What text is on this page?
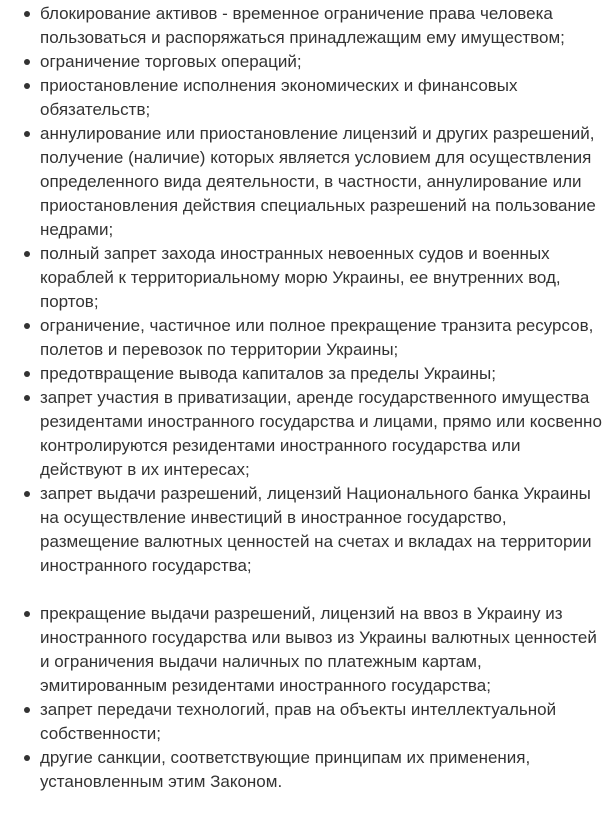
блокирование активов - временное ограничение права человека пользоваться и распоряжаться принадлежащим ему имуществом;
ограничение торговых операций;
приостановление исполнения экономических и финансовых обязательств;
аннулирование или приостановление лицензий и других разрешений, получение (наличие) которых является условием для осуществления определенного вида деятельности, в частности, аннулирование или приостановления действия специальных разрешений на пользование недрами;
полный запрет захода иностранных невоенных судов и военных кораблей к территориальному морю Украины, ее внутренних вод, портов;
ограничение, частичное или полное прекращение транзита ресурсов, полетов и перевозок по территории Украины;
предотвращение вывода капиталов за пределы Украины;
запрет участия в приватизации, аренде государственного имущества резидентами иностранного государства и лицами, прямо или косвенно контролируются резидентами иностранного государства или действуют в их интересах;
запрет выдачи разрешений, лицензий Национального банка Украины на осуществление инвестиций в иностранное государство, размещение валютных ценностей на счетах и вкладах на территории иностранного государства;
прекращение выдачи разрешений, лицензий на ввоз в Украину из иностранного государства или вывоз из Украины валютных ценностей и ограничения выдачи наличных по платежным картам, эмитированным резидентами иностранного государства;
запрет передачи технологий, прав на объекты интеллектуальной собственности;
другие санкции, соответствующие принципам их применения, установленным этим Законом.
